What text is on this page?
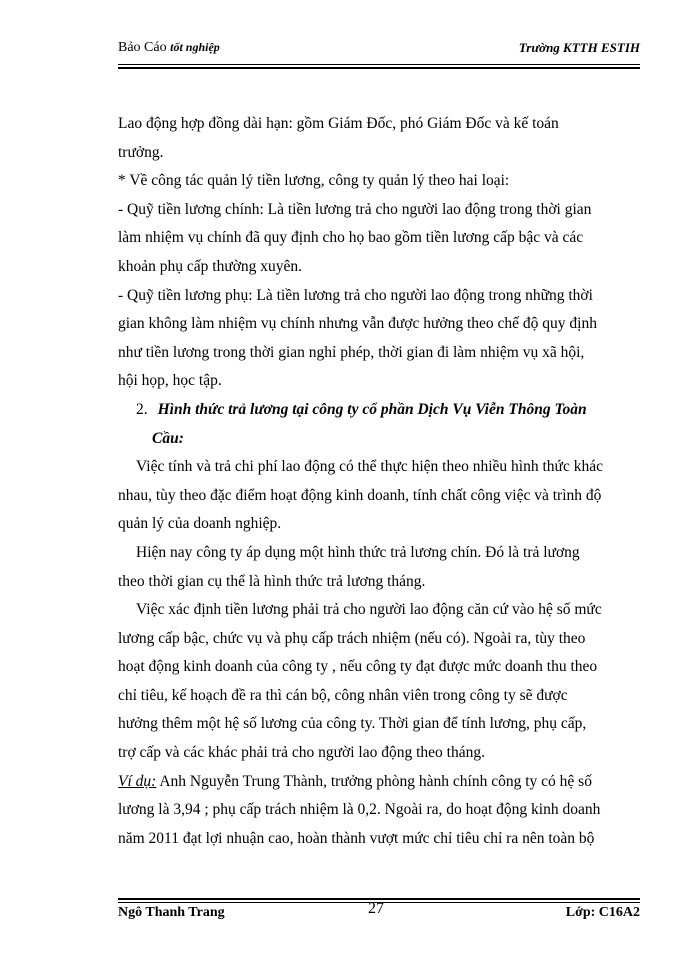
Bảo Cáo tốt nghiệp	Trường KTTH ESTIH
Lao động hợp đồng dài hạn: gồm Giám Đốc, phó Giám Đốc và kế toán
trưởng.
* Về công tác quản lý tiền lương, công ty quản lý theo hai loại:
- Quỹ tiền lương chính: Là tiền lương trả cho người lao động trong thời gian
làm nhiệm vụ chính đã quy định cho họ bao gồm tiền lương cấp bậc và các
khoản phụ cấp thường xuyên.
- Quỹ tiền lương phụ: Là tiền lương trả cho người lao động trong những thời
gian không làm nhiệm vụ chính nhưng vẫn được hưởng theo chế độ quy định
như tiền lương trong thời gian nghỉ phép, thời gian đi làm nhiệm vụ xã hội,
hội họp, học tập.
2. Hình thức trả lương tại công ty cổ phần Dịch Vụ Viễn Thông Toàn
Cầu:
Việc tính và trả chi phí lao động có thể thực hiện theo nhiều hình thức khác
nhau, tùy theo đặc điểm hoạt động kinh doanh, tính chất công việc và trình độ
quản lý của doanh nghiệp.
Hiện nay công ty áp dụng một hình thức trả lương chín. Đó là trả lương
theo thời gian cụ thể là hình thức trả lương tháng.
Việc xác định tiền lương phải trả cho người lao động căn cứ vào hệ số mức
lương cấp bậc, chức vụ và phụ cấp trách nhiệm (nếu có). Ngoài ra, tùy theo
hoạt động kinh doanh của công ty , nếu công ty đạt được mức doanh thu theo
chỉ tiêu, kế hoạch đề ra thì cán bộ, công nhân viên trong công ty sẽ được
hưởng thêm một hệ số lương của công ty. Thời gian để tính lương, phụ cấp,
trợ cấp và các khác phải trả cho người lao động theo tháng.
Ví dụ: Anh Nguyễn Trung Thành, trưởng phòng hành chính công ty có hệ số
lương là 3,94 ; phụ cấp trách nhiệm là 0,2. Ngoài ra, do hoạt động kinh doanh
năm 2011 đạt lợi nhuận cao, hoàn thành vượt mức chỉ tiêu chỉ ra nên toàn bộ
Ngô Thanh Trang	27	Lớp: C16A2
